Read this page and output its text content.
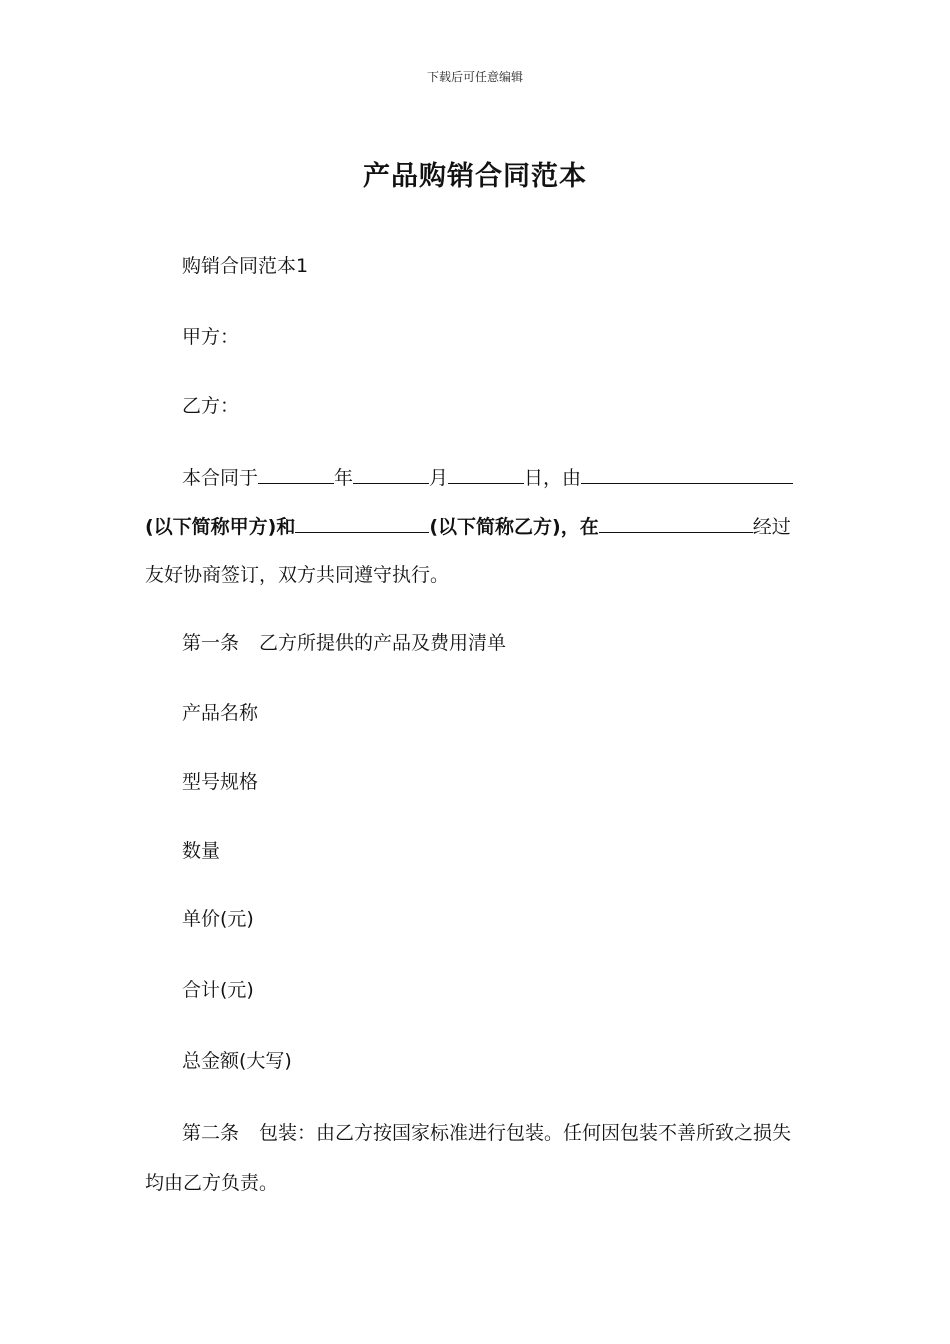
下载后可任意编辑
产品购销合同范本
购销合同范本1
甲方：
乙方：
本合同于	年	月	日，由
(以下简称甲方)和	(以下简称乙方)，在	经过
友好协商签订，双方共同遵守执行。
第一条 乙方所提供的产品及费用清单
产品名称
型号规格
数量
单价(元)
合计(元)
总金额(大写)
第二条 包装：由乙方按国家标准进行包装。任何因包装不善所致之损失
均由乙方负责。
